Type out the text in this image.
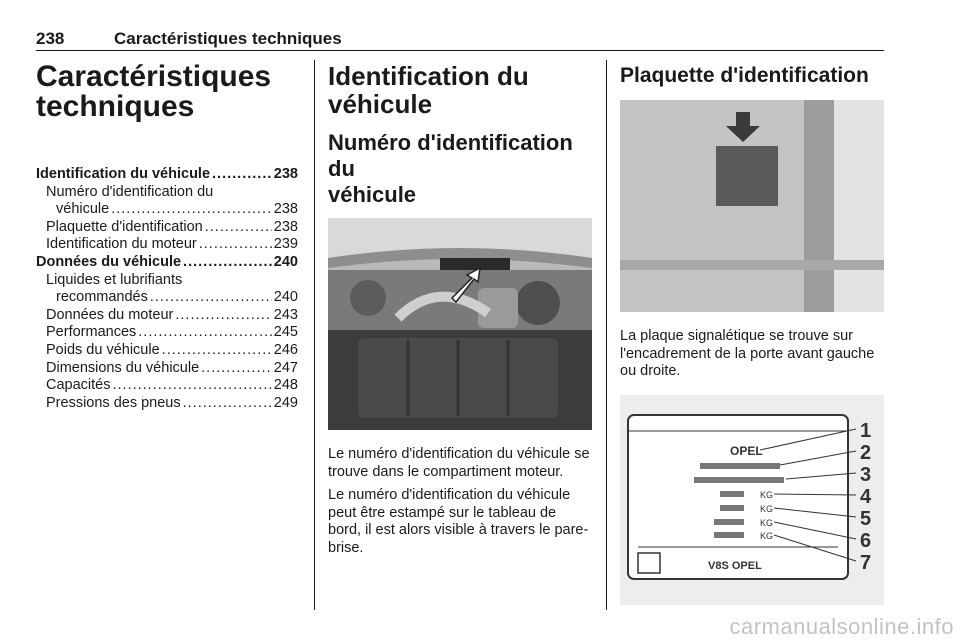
238	Caractéristiques techniques
Caractéristiques
techniques
Identification du véhicule .....	238
Numéro d'identification du
véhicule .....	238
Plaquette d'identification .....	238
Identification du moteur .....	239
Données du véhicule .....	240
Liquides et lubrifiants
recommandés .....	240
Données du moteur .....	243
Performances .....	245
Poids du véhicule .....	246
Dimensions du véhicule .....	247
Capacités .....	248
Pressions des pneus .....	249
Identification du
véhicule
Numéro d'identification du
véhicule

Le numéro d'identification du véhicule se trouve dans le compartiment moteur.

Le numéro d'identification du véhicule peut être estampé sur le tableau de bord, il est alors visible à travers le pare-brise.

Plaquette d'identification

La plaque signalétique se trouve sur l'encadrement de la porte avant gauche ou droite.

OPEL
KG
KG
KG
KG
V8S OPEL
1
2
3
4
5
6
7
carmanualsonline.info
